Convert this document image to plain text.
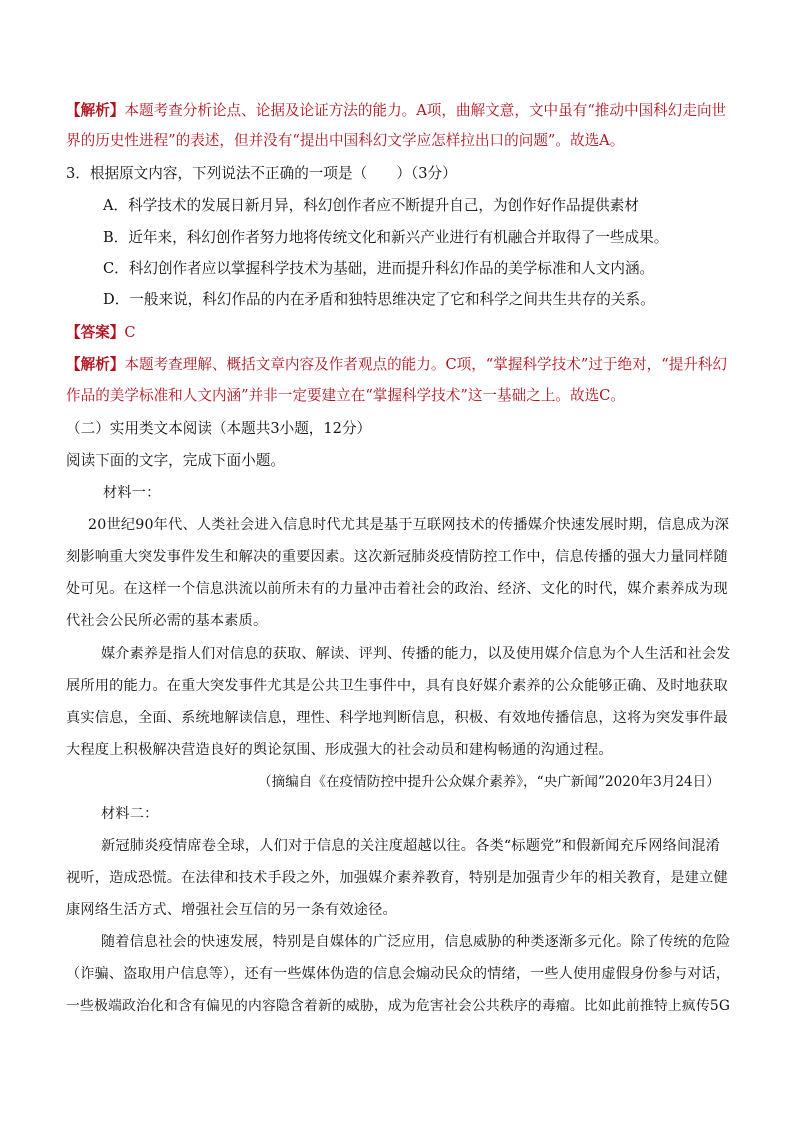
【解析】本题考查分析论点、论据及论证方法的能力。A项，曲解文意，文中虽有“推动中国科幻走向世
界的历史性进程”的表述，但并没有“提出中国科幻文学应怎样拉出口的问题”。故选A。
3．根据原文内容，下列说法不正确的一项是（　　）（3分）
A．科学技术的发展日新月异，科幻创作者应不断提升自己，为创作好作品提供素材
B．近年来，科幻创作者努力地将传统文化和新兴产业进行有机融合并取得了一些成果。
C．科幻创作者应以掌握科学技术为基础，进而提升科幻作品的美学标准和人文内涵。
D．一般来说，科幻作品的内在矛盾和独特思维决定了它和科学之间共生共存的关系。
【答案】C
【解析】本题考查理解、概括文章内容及作者观点的能力。C项，“掌握科学技术”过于绝对，“提升科幻
作品的美学标准和人文内涵”并非一定要建立在“掌握科学技术”这一基础之上。故选C。
（二）实用类文本阅读（本题共3小题，12分）
阅读下面的文字，完成下面小题。
材料一：
20世纪90年代、人类社会进入信息时代尤其是基于互联网技术的传播媒介快速发展时期，信息成为深
刻影响重大突发事件发生和解决的重要因素。这次新冠肺炎疫情防控工作中，信息传播的强大力量同样随
处可见。在这样一个信息洪流以前所未有的力量冲击着社会的政治、经济、文化的时代，媒介素养成为现
代社会公民所必需的基本素质。
媒介素养是指人们对信息的获取、解读、评判、传播的能力，以及使用媒介信息为个人生活和社会发
展所用的能力。在重大突发事件尤其是公共卫生事件中，具有良好媒介素养的公众能够正确、及时地获取
真实信息，全面、系统地解读信息，理性、科学地判断信息，积极、有效地传播信息，这将为突发事件最
大程度上积极解决营造良好的舆论氛围、形成强大的社会动员和建构畅通的沟通过程。
（摘编自《在疫情防控中提升公众媒介素养》，“央广新闻”2020年3月24日）
材料二：
新冠肺炎疫情席卷全球，人们对于信息的关注度超越以往。各类“标题党”和假新闻充斥网络间混淆
视听，造成恐慌。在法律和技术手段之外，加强媒介素养教育，特别是加强青少年的相关教育，是建立健
康网络生活方式、增强社会互信的另一条有效途径。
随着信息社会的快速发展，特别是自媒体的广泛应用，信息威胁的种类逐渐多元化。除了传统的危险
（诈骗、盗取用户信息等），还有一些媒体伪造的信息会煽动民众的情绪，一些人使用虚假身份参与对话，
一些极端政治化和含有偏见的内容隐含着新的威胁，成为危害社会公共秩序的毒瘤。比如此前推特上疯传5G
